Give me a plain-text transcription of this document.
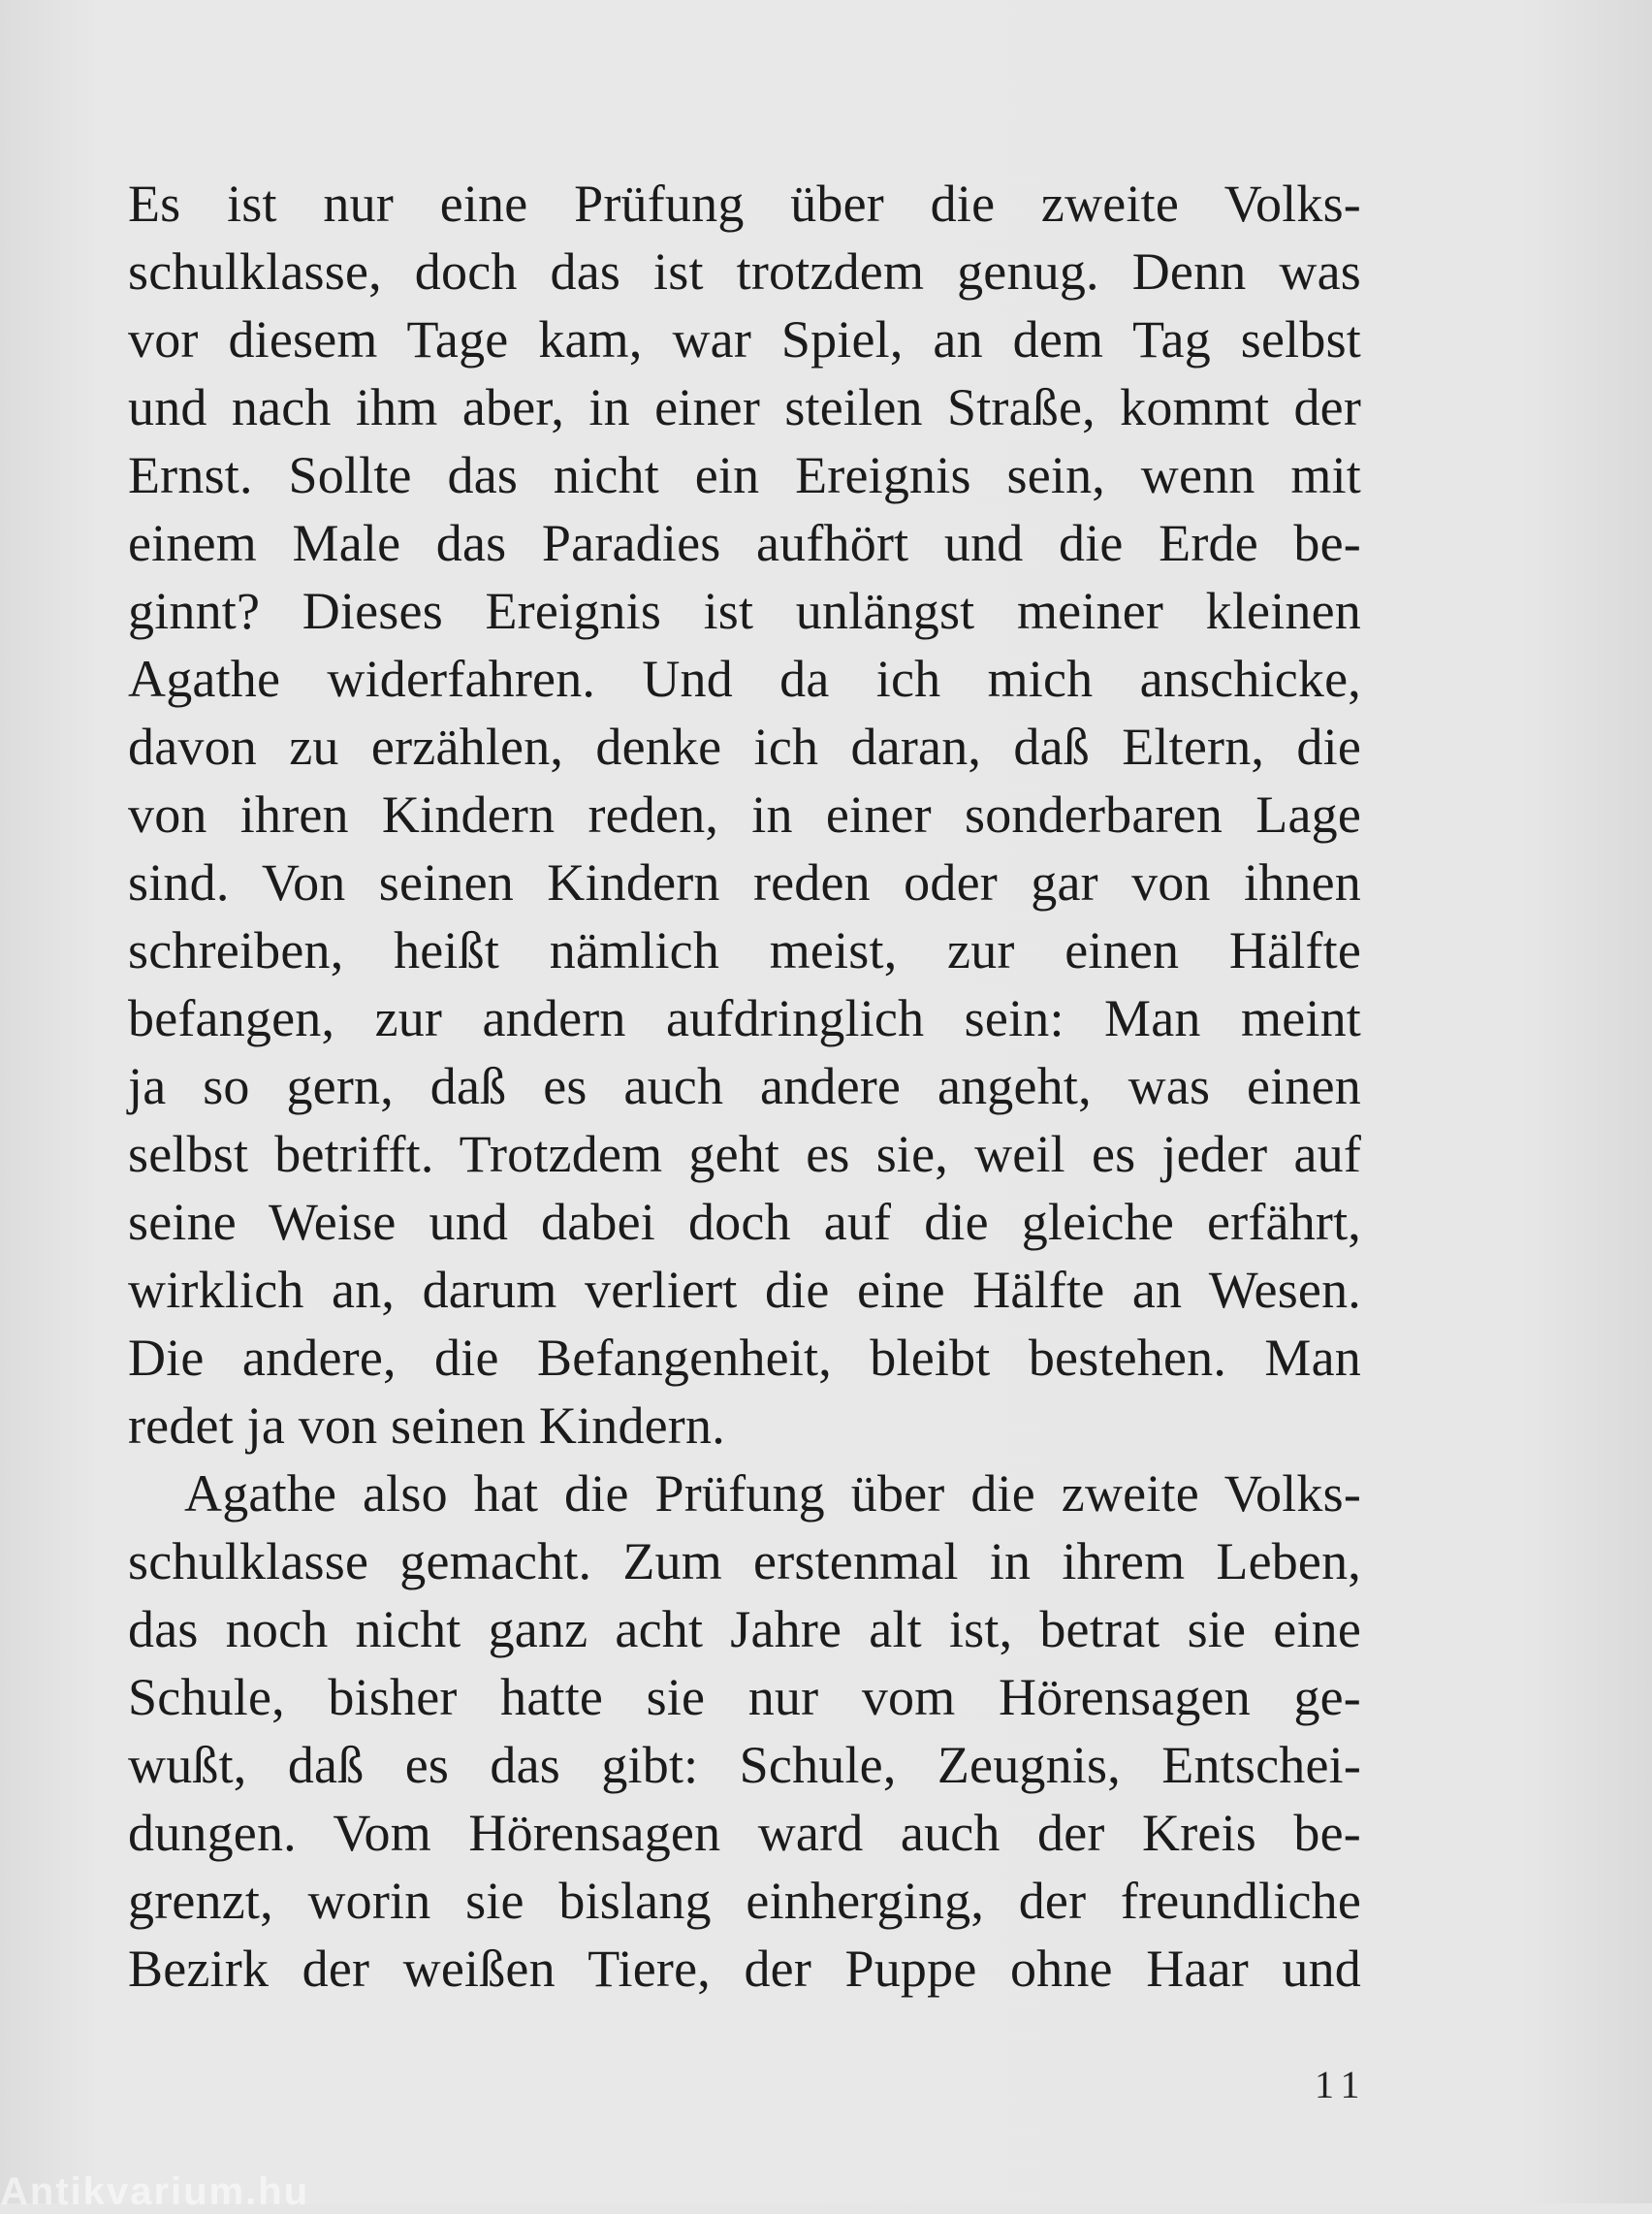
Es ist nur eine Prüfung über die zweite Volks-
schulklasse, doch das ist trotzdem genug. Denn was
vor diesem Tage kam, war Spiel, an dem Tag selbst
und nach ihm aber, in einer steilen Straße, kommt der
Ernst. Sollte das nicht ein Ereignis sein, wenn mit
einem Male das Paradies aufhört und die Erde be-
ginnt? Dieses Ereignis ist unlängst meiner kleinen
Agathe widerfahren. Und da ich mich anschicke,
davon zu erzählen, denke ich daran, daß Eltern, die
von ihren Kindern reden, in einer sonderbaren Lage
sind. Von seinen Kindern reden oder gar von ihnen
schreiben, heißt nämlich meist, zur einen Hälfte
befangen, zur andern aufdringlich sein: Man meint
ja so gern, daß es auch andere angeht, was einen
selbst betrifft. Trotzdem geht es sie, weil es jeder auf
seine Weise und dabei doch auf die gleiche erfährt,
wirklich an, darum verliert die eine Hälfte an Wesen.
Die andere, die Befangenheit, bleibt bestehen. Man
redet ja von seinen Kindern.
Agathe also hat die Prüfung über die zweite Volks-
schulklasse gemacht. Zum erstenmal in ihrem Leben,
das noch nicht ganz acht Jahre alt ist, betrat sie eine
Schule, bisher hatte sie nur vom Hörensagen ge-
wußt, daß es das gibt: Schule, Zeugnis, Entschei-
dungen. Vom Hörensagen ward auch der Kreis be-
grenzt, worin sie bislang einherging, der freundliche
Bezirk der weißen Tiere, der Puppe ohne Haar und
11
Antikvarium.hu
